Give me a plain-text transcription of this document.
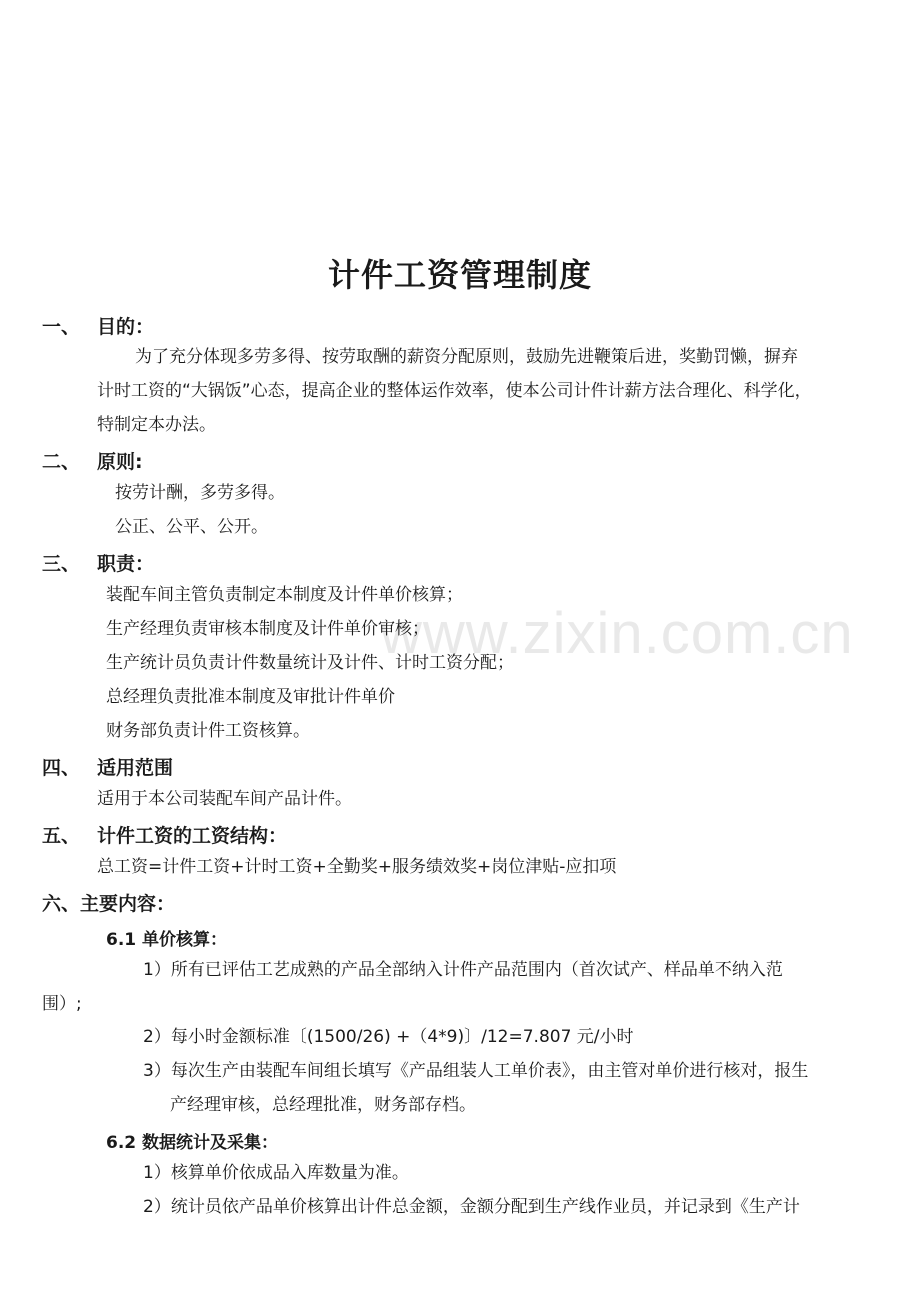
www.zixin.com.cn
计件工资管理制度
一、 目的：
为了充分体现多劳多得、按劳取酬的薪资分配原则，鼓励先进鞭策后进，奖勤罚懒，摒弃
计时工资的“大锅饭”心态，提高企业的整体运作效率，使本公司计件计薪方法合理化、科学化，
特制定本办法。
二、 原则:
按劳计酬，多劳多得。
公正、公平、公开。
三、 职责：
装配车间主管负责制定本制度及计件单价核算；
生产经理负责审核本制度及计件单价审核；
生产统计员负责计件数量统计及计件、计时工资分配；
总经理负责批准本制度及审批计件单价
财务部负责计件工资核算。
四、 适用范围
适用于本公司装配车间产品计件。
五、 计件工资的工资结构：
总工资=计件工资+计时工资+全勤奖+服务绩效奖+岗位津贴-应扣项
六、主要内容：
6.1 单价核算：
1）所有已评估工艺成熟的产品全部纳入计件产品范围内（首次试产、样品单不纳入范
围）;
2）每小时金额标准〔(1500/26) +（4*9)〕/12=7.807 元/小时
3）每次生产由装配车间组长填写《产品组装人工单价表》，由主管对单价进行核对，报生
产经理审核，总经理批准，财务部存档。
6.2 数据统计及采集：
1）核算单价依成品入库数量为准。
2）统计员依产品单价核算出计件总金额，金额分配到生产线作业员，并记录到《生产计
